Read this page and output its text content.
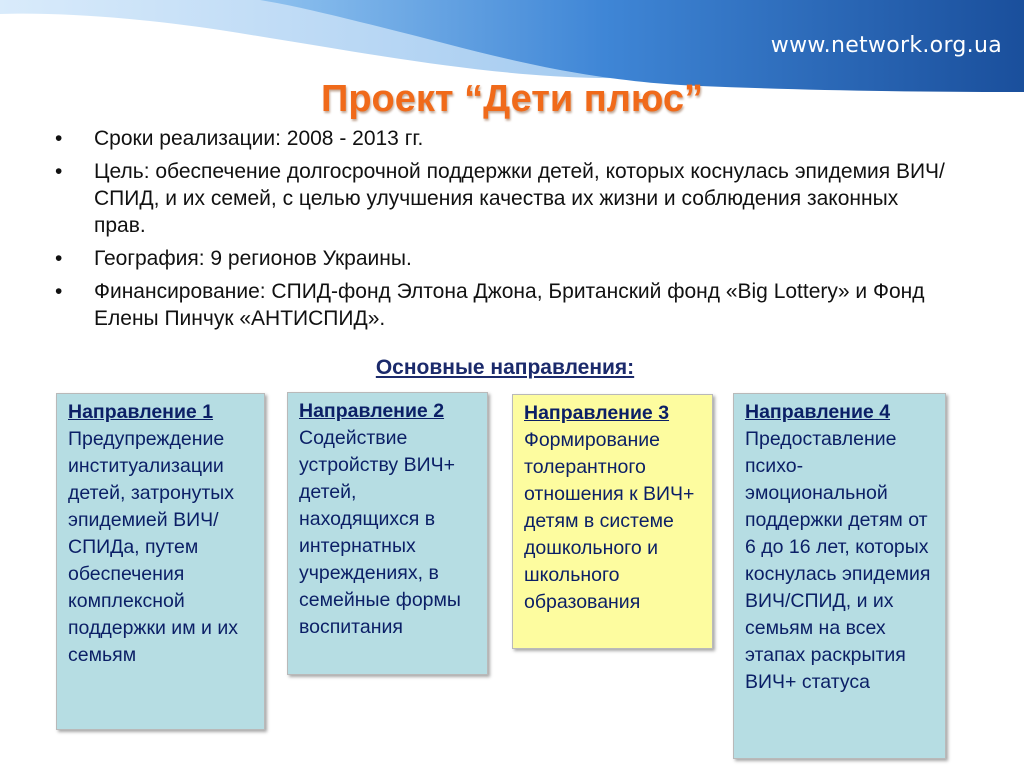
www.network.org.ua
Проект “Дети плюс”
• Сроки реализации: 2008 - 2013 гг.
• Цель: обеспечение долгосрочной поддержки детей, которых коснулась эпидемия ВИЧ/СПИД, и их семей, с целью улучшения качества их жизни и соблюдения законных прав.
• География: 9 регионов Украины.
• Финансирование: СПИД-фонд Элтона Джона, Британский фонд «Big Lottery» и Фонд Елены Пинчук «АНТИСПИД».
Основные направления:
Направление 1
Предупреждение институализации детей, затронутых эпидемией ВИЧ/СПИДа, путем обеспечения комплексной поддержки им и их семьям
Направление 2
Содействие устройству ВИЧ+ детей, находящихся в интернатных учреждениях, в семейные формы воспитания
Направление 3
Формирование толерантного отношения к ВИЧ+ детям в системе дошкольного и школьного образования
Направление 4
Предоставление психо-эмоциональной поддержки детям от 6 до 16 лет, которых коснулась эпидемия ВИЧ/СПИД, и их семьям на всех этапах раскрытия ВИЧ+ статуса
